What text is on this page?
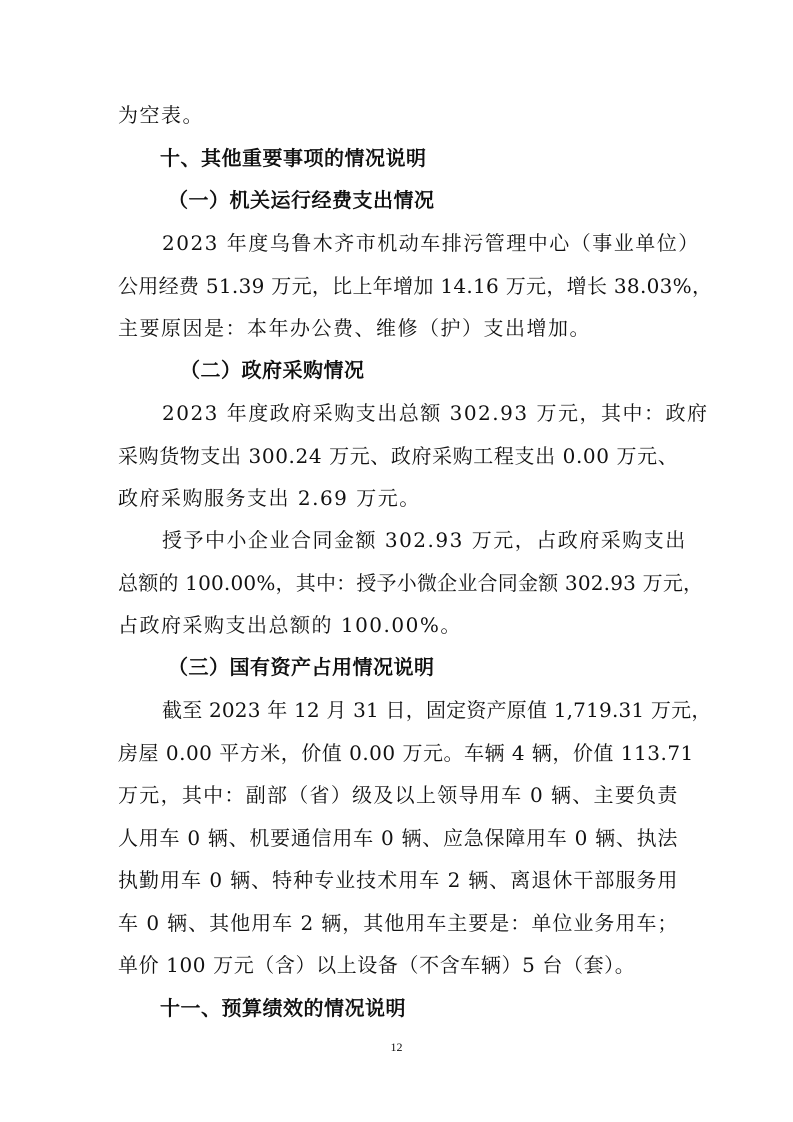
为空表。
十、其他重要事项的情况说明
（一）机关运行经费支出情况
2023 年度乌鲁木齐市机动车排污管理中心（事业单位）
公用经费 51.39 万元，比上年增加 14.16 万元，增长 38.03%，
主要原因是：本年办公费、维修（护）支出增加。
（二）政府采购情况
2023 年度政府采购支出总额 302.93 万元，其中：政府
采购货物支出 300.24 万元、政府采购工程支出 0.00 万元、
政府采购服务支出 2.69 万元。
授予中小企业合同金额 302.93 万元，占政府采购支出
总额的 100.00%，其中：授予小微企业合同金额 302.93 万元，
占政府采购支出总额的 100.00%。
（三）国有资产占用情况说明
截至 2023 年 12 月 31 日，固定资产原值 1,719.31 万元，
房屋 0.00 平方米，价值 0.00 万元。车辆 4 辆，价值 113.71
万元，其中：副部（省）级及以上领导用车 0 辆、主要负责
人用车 0 辆、机要通信用车 0 辆、应急保障用车 0 辆、执法
执勤用车 0 辆、特种专业技术用车 2 辆、离退休干部服务用
车 0 辆、其他用车 2 辆，其他用车主要是：单位业务用车；
单价 100 万元（含）以上设备（不含车辆）5 台（套）。
十一、预算绩效的情况说明
12
